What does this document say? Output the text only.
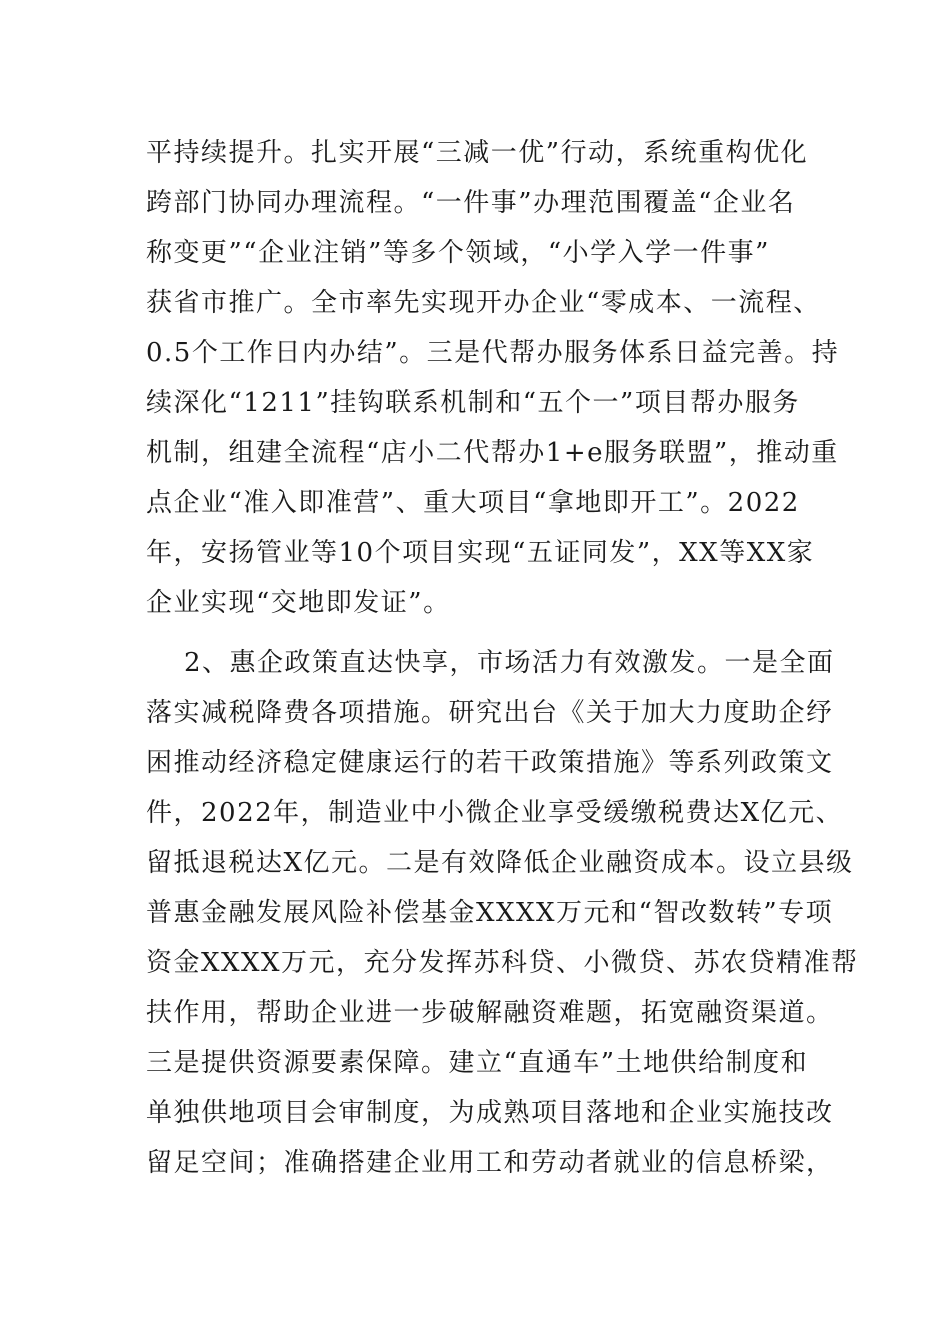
平持续提升。扎实开展“三减一优”行动，系统重构优化
跨部门协同办理流程。“一件事”办理范围覆盖“企业名
称变更”“企业注销”等多个领域，“小学入学一件事”
获省市推广。全市率先实现开办企业“零成本、一流程、
0.5个工作日内办结”。三是代帮办服务体系日益完善。持
续深化“1211”挂钩联系机制和“五个一”项目帮办服务
机制，组建全流程“店小二代帮办1+e服务联盟”，推动重
点企业“准入即准营”、重大项目“拿地即开工”。2022
年，安扬管业等10个项目实现“五证同发”，XX等XX家
企业实现“交地即发证”。
2、惠企政策直达快享，市场活力有效激发。一是全面
落实减税降费各项措施。研究出台《关于加大力度助企纾
困推动经济稳定健康运行的若干政策措施》等系列政策文
件，2022年，制造业中小微企业享受缓缴税费达X亿元、
留抵退税达X亿元。二是有效降低企业融资成本。设立县级
普惠金融发展风险补偿基金XXXX万元和“智改数转”专项
资金XXXX万元，充分发挥苏科贷、小微贷、苏农贷精准帮
扶作用，帮助企业进一步破解融资难题，拓宽融资渠道。
三是提供资源要素保障。建立“直通车”土地供给制度和
单独供地项目会审制度，为成熟项目落地和企业实施技改
留足空间；准确搭建企业用工和劳动者就业的信息桥梁，
